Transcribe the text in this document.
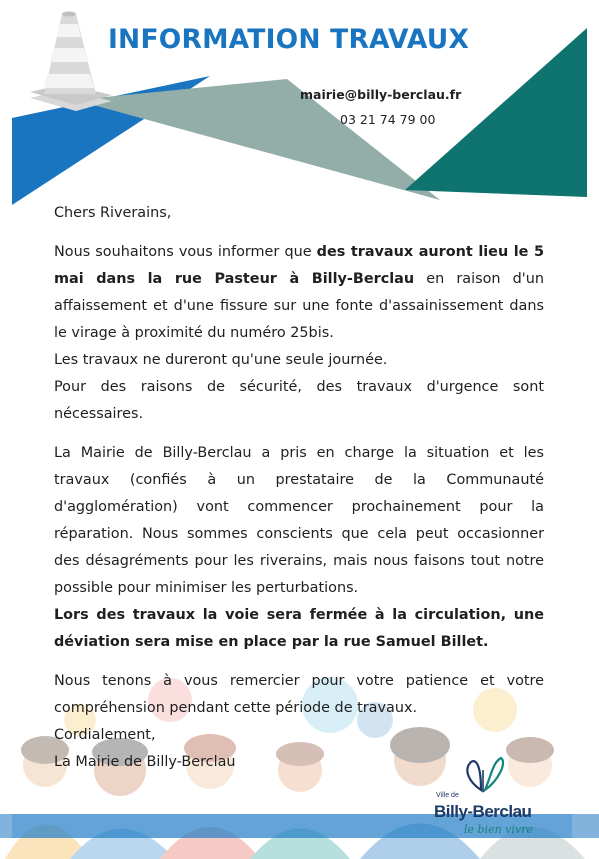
INFORMATION TRAVAUX
mairie@billy-berclau.fr
03 21 74 79 00

Chers Riverains,

Nous souhaitons vous informer que des travaux auront lieu le 5 mai dans la rue Pasteur à Billy-Berclau en raison d'un affaissement et d'une fissure sur une fonte d'assainissement dans le virage à proximité du numéro 25bis.

Les travaux ne dureront qu'une seule journée.

Pour des raisons de sécurité, des travaux d'urgence sont nécessaires.

La Mairie de Billy-Berclau a pris en charge la situation et les travaux (confiés à un prestataire de la Communauté d'agglomération) vont commencer prochainement pour la réparation. Nous sommes conscients que cela peut occasionner des désagréments pour les riverains, mais nous faisons tout notre possible pour minimiser les perturbations.

Lors des travaux la voie sera fermée à la circulation, une déviation sera mise en place par la rue Samuel Billet.

Nous tenons à vous remercier pour votre patience et votre compréhension pendant cette période de travaux.

Cordialement,

La Mairie de Billy-Berclau

Ville de
Billy-Berclau
le bien vivre
